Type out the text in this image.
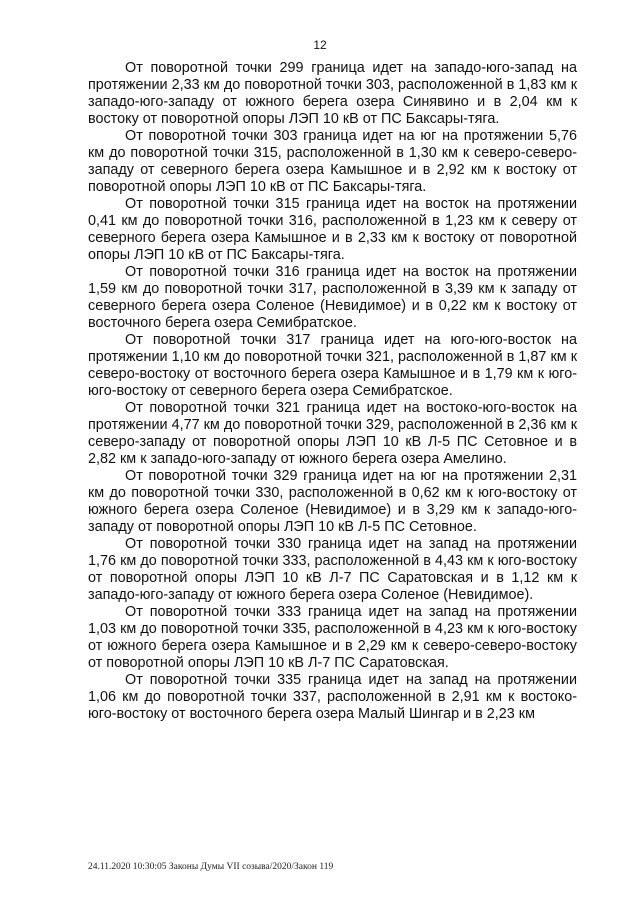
12

От поворотной точки 299 граница идет на западо-юго-запад на протяжении 2,33 км до поворотной точки 303, расположенной в 1,83 км к западо-юго-западу от южного берега озера Синявино и в 2,04 км к востоку от поворотной опоры ЛЭП 10 кВ от ПС Баксары-тяга.

От поворотной точки 303 граница идет на юг на протяжении 5,76 км до поворотной точки 315, расположенной в 1,30 км к северо-северо-западу от северного берега озера Камышное и в 2,92 км к востоку от поворотной опоры ЛЭП 10 кВ от ПС Баксары-тяга.

От поворотной точки 315 граница идет на восток на протяжении 0,41 км до поворотной точки 316, расположенной в 1,23 км к северу от северного берега озера Камышное и в 2,33 км к востоку от поворотной опоры ЛЭП 10 кВ от ПС Баксары-тяга.

От поворотной точки 316 граница идет на восток на протяжении 1,59 км до поворотной точки 317, расположенной в 3,39 км к западу от северного берега озера Соленое (Невидимое) и в 0,22 км к востоку от восточного берега озера Семибратское.

От поворотной точки 317 граница идет на юго-юго-восток на протяжении 1,10 км до поворотной точки 321, расположенной в 1,87 км к северо-востоку от восточного берега озера Камышное и в 1,79 км к юго-юго-востоку от северного берега озера Семибратское.

От поворотной точки 321 граница идет на востоко-юго-восток на протяжении 4,77 км до поворотной точки 329, расположенной в 2,36 км к северо-западу от поворотной опоры ЛЭП 10 кВ Л-5 ПС Сетовное и в 2,82 км к западо-юго-западу от южного берега озера Амелино.

От поворотной точки 329 граница идет на юг на протяжении 2,31 км до поворотной точки 330, расположенной в 0,62 км к юго-востоку от южного берега озера Соленое (Невидимое) и в 3,29 км к западо-юго-западу от поворотной опоры ЛЭП 10 кВ Л-5 ПС Сетовное.

От поворотной точки 330 граница идет на запад на протяжении 1,76 км до поворотной точки 333, расположенной в 4,43 км к юго-востоку от поворотной опоры ЛЭП 10 кВ Л-7 ПС Саратовская и в 1,12 км к западо-юго-западу от южного берега озера Соленое (Невидимое).

От поворотной точки 333 граница идет на запад на протяжении 1,03 км до поворотной точки 335, расположенной в 4,23 км к юго-востоку от южного берега озера Камышное и в 2,29 км к северо-северо-востоку от поворотной опоры ЛЭП 10 кВ Л-7 ПС Саратовская.

От поворотной точки 335 граница идет на запад на протяжении 1,06 км до поворотной точки 337, расположенной в 2,91 км к востоко-юго-востоку от восточного берега озера Малый Шингар и в 2,23 км

24.11.2020 10:30:05 Законы Думы VII созыва/2020/Закон 119
